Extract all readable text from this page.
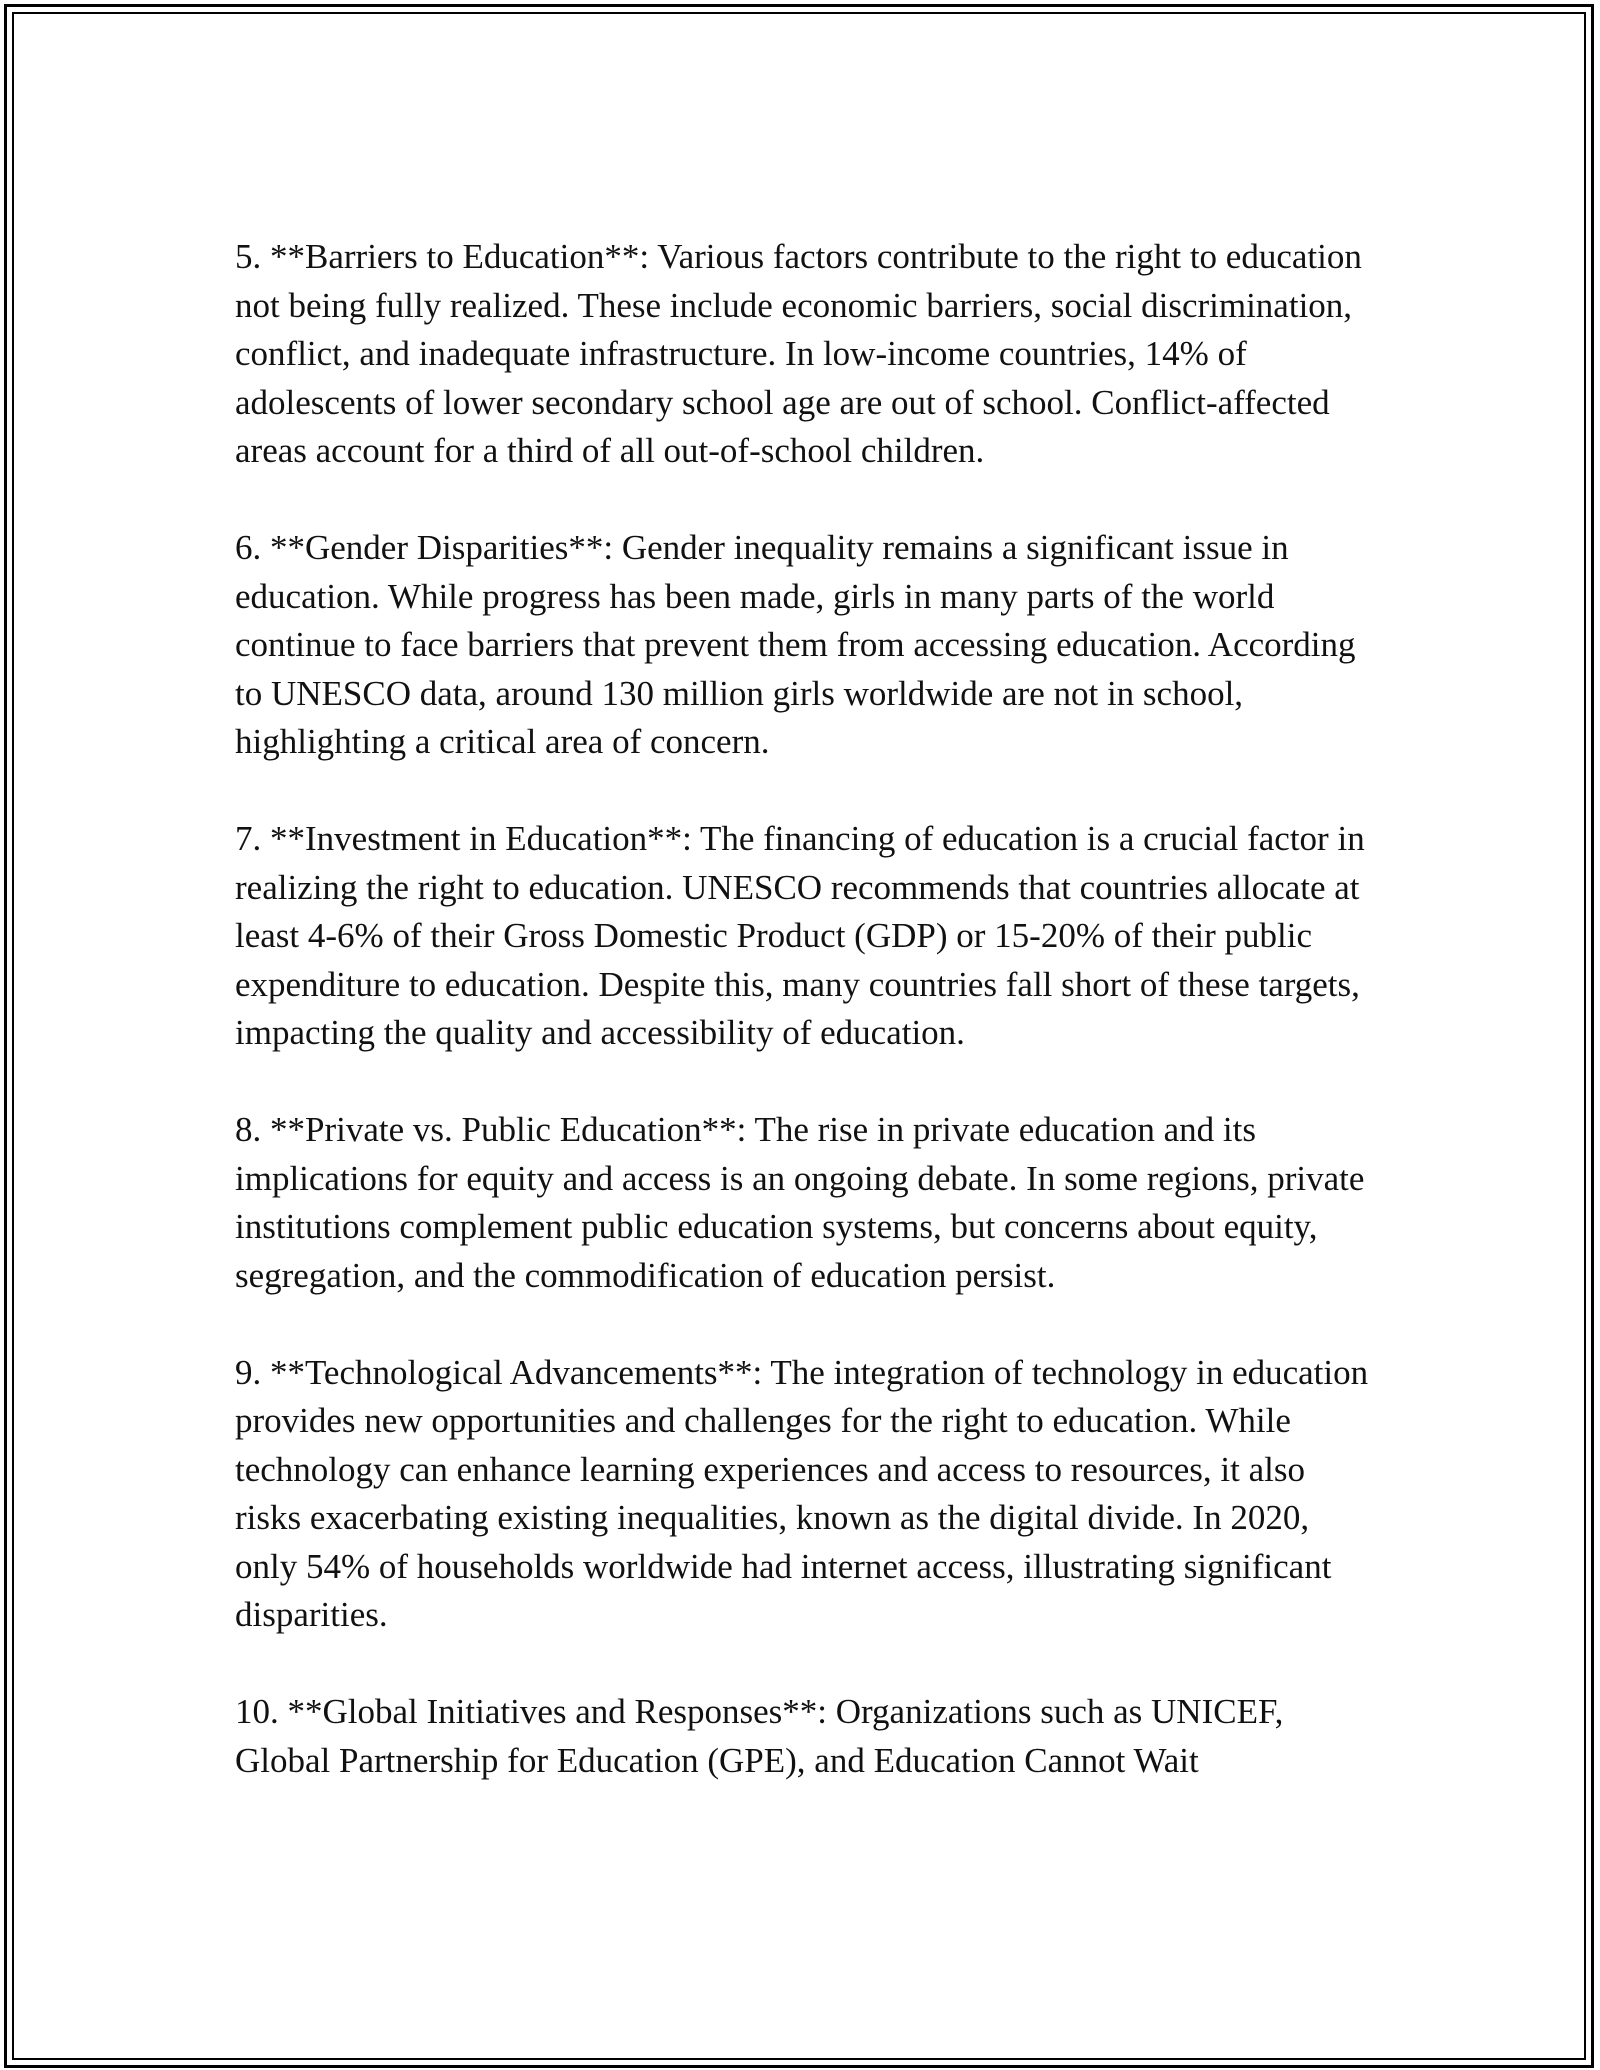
5. **Barriers to Education**: Various factors contribute to the right to education not being fully realized. These include economic barriers, social discrimination, conflict, and inadequate infrastructure. In low-income countries, 14% of adolescents of lower secondary school age are out of school. Conflict-affected areas account for a third of all out-of-school children.

6. **Gender Disparities**: Gender inequality remains a significant issue in education. While progress has been made, girls in many parts of the world continue to face barriers that prevent them from accessing education. According to UNESCO data, around 130 million girls worldwide are not in school, highlighting a critical area of concern.

7. **Investment in Education**: The financing of education is a crucial factor in realizing the right to education. UNESCO recommends that countries allocate at least 4-6% of their Gross Domestic Product (GDP) or 15-20% of their public expenditure to education. Despite this, many countries fall short of these targets, impacting the quality and accessibility of education.

8. **Private vs. Public Education**: The rise in private education and its implications for equity and access is an ongoing debate. In some regions, private institutions complement public education systems, but concerns about equity, segregation, and the commodification of education persist.

9. **Technological Advancements**: The integration of technology in education provides new opportunities and challenges for the right to education. While technology can enhance learning experiences and access to resources, it also risks exacerbating existing inequalities, known as the digital divide. In 2020, only 54% of households worldwide had internet access, illustrating significant disparities.

10. **Global Initiatives and Responses**: Organizations such as UNICEF, Global Partnership for Education (GPE), and Education Cannot Wait
